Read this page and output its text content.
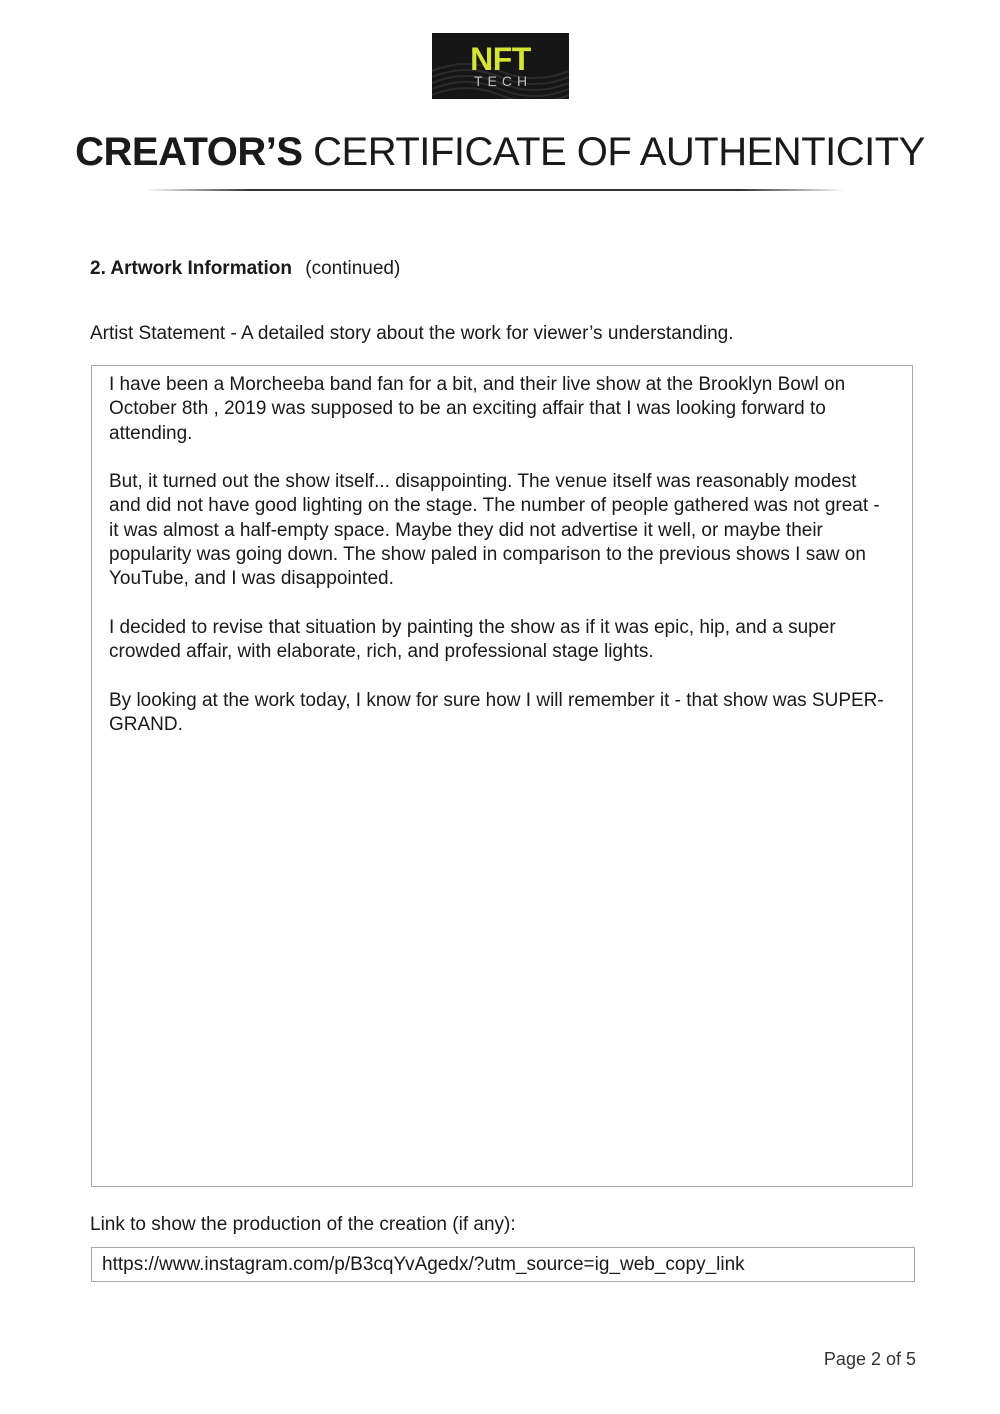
NFT
TECH
CREATOR’S CERTIFICATE OF AUTHENTICITY
2. Artwork Information (continued)
Artist Statement - A detailed story about the work for viewer’s understanding.

I have been a Morcheeba band fan for a bit, and their live show at the Brooklyn Bowl on October 8th , 2019 was supposed to be an exciting affair that I was looking forward to attending.

But, it turned out the show itself... disappointing. The venue itself was reasonably modest and did not have good lighting on the stage. The number of people gathered was not great - it was almost a half-empty space. Maybe they did not advertise it well, or maybe their popularity was going down. The show paled in comparison to the previous shows I saw on YouTube, and I was disappointed.

I decided to revise that situation by painting the show as if it was epic, hip, and a super crowded affair, with elaborate, rich, and professional stage lights.

By looking at the work today, I know for sure how I will remember it - that show was SUPER-GRAND.

Link to show the production of the creation (if any):
https://www.instagram.com/p/B3cqYvAgedx/?utm_source=ig_web_copy_link
Page 2 of 5
